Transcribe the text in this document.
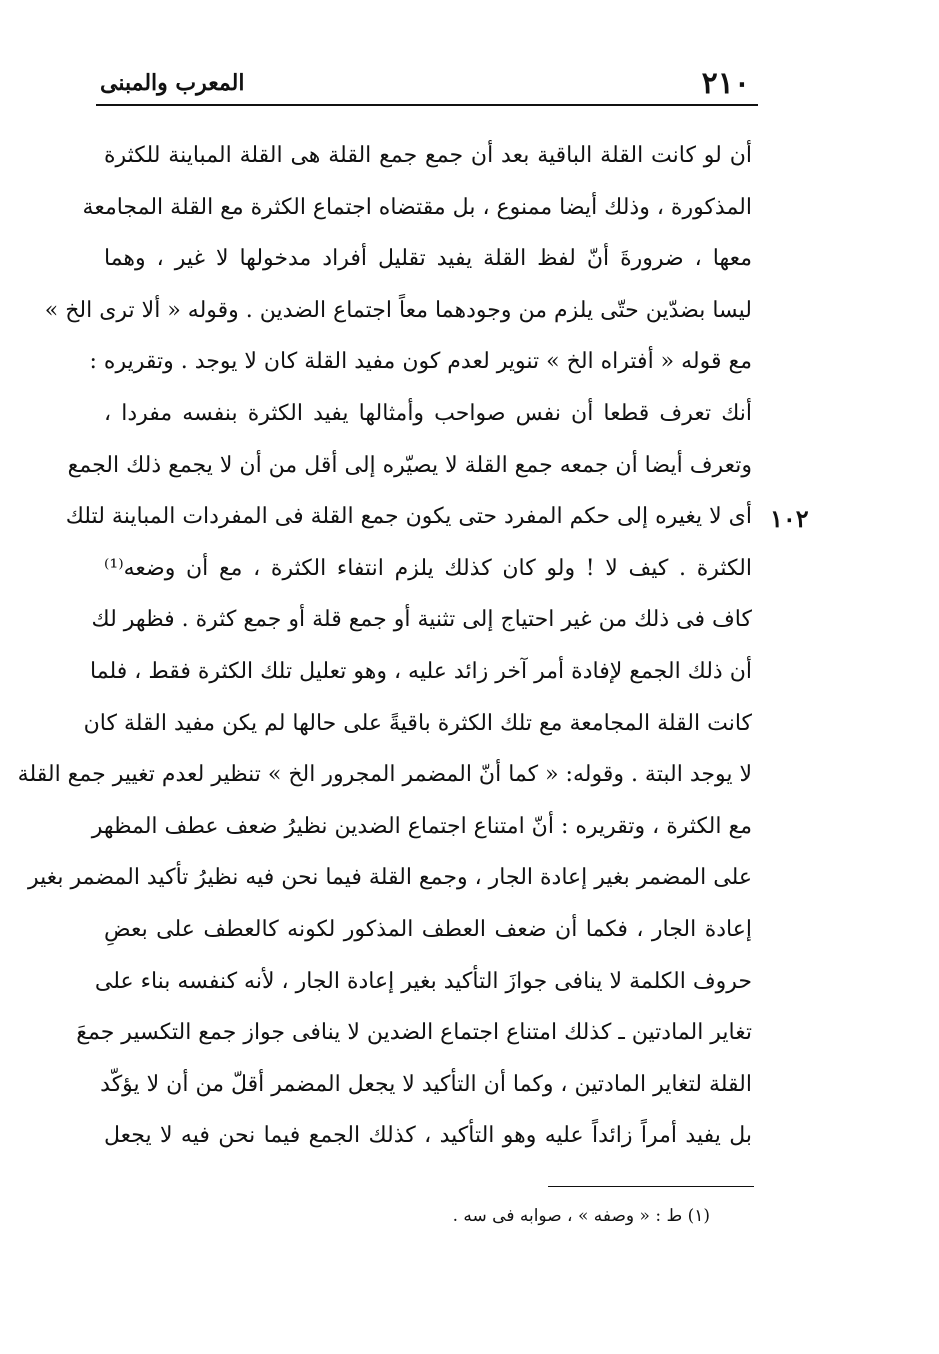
٢١٠
المعرب والمبنى
١٠٢
أن لو كانت القلة الباقية بعد أن جمع جمع القلة هى القلة المباينة للكثرة
المذكورة ، وذلك أيضا ممنوع ، بل مقتضاه اجتماع الكثرة مع القلة المجامعة
معها ، ضرورةَ أنّ لفظ القلة يفيد تقليل أفراد مدخولها لا غير ، وهما
ليسا بضدّين حتّى يلزم من وجودهما معاً اجتماع الضدين . وقوله « ألا ترى الخ »
مع قوله « أفتراه الخ » تنوير لعدم كون مفيد القلة كان لا يوجد . وتقريره :
أنك تعرف قطعا أن نفس صواحب وأمثالها يفيد الكثرة بنفسه مفردا ،
وتعرف أيضا أن جمعه جمع القلة لا يصيّره إلى أقل من أن لا يجمع ذلك الجمع
أى لا يغيره إلى حكم المفرد حتى يكون جمع القلة فى المفردات المباينة لتلك
الكثرة . كيف لا ! ولو كان كذلك يلزم انتفاء الكثرة ، مع أن وضعه⁽¹⁾
كاف فى ذلك من غير احتياج إلى تثنية أو جمع قلة أو جمع كثرة . فظهر لك
أن ذلك الجمع لإفادة أمر آخر زائد عليه ، وهو تعليل تلك الكثرة فقط ، فلما
كانت القلة المجامعة مع تلك الكثرة باقيةً على حالها لم يكن مفيد القلة كان
لا يوجد البتة . وقوله: « كما أنّ المضمر المجرور الخ » تنظير لعدم تغيير جمع القلة
مع الكثرة ، وتقريره : أنّ امتناع اجتماع الضدين نظيرُ ضعف عطف المظهر
على المضمر بغير إعادة الجار ، وجمع القلة فيما نحن فيه نظيرُ تأكيد المضمر بغير
إعادة الجار ، فكما أن ضعف العطف المذكور لكونه كالعطف على بعضِ
حروف الكلمة لا ينافى جوازَ التأكيد بغير إعادة الجار ، لأنه كنفسه بناء على
تغاير المادتين ـ كذلك امتناع اجتماع الضدين لا ينافى جواز جمع التكسير جمعَ
القلة لتغاير المادتين ، وكما أن التأكيد لا يجعل المضمر أقلّ من أن لا يؤكّد
بل يفيد أمراً زائداً عليه وهو التأكيد ، كذلك الجمع فيما نحن فيه لا يجعل
(١) ط : « وصفه » ، صوابه فى سه .
